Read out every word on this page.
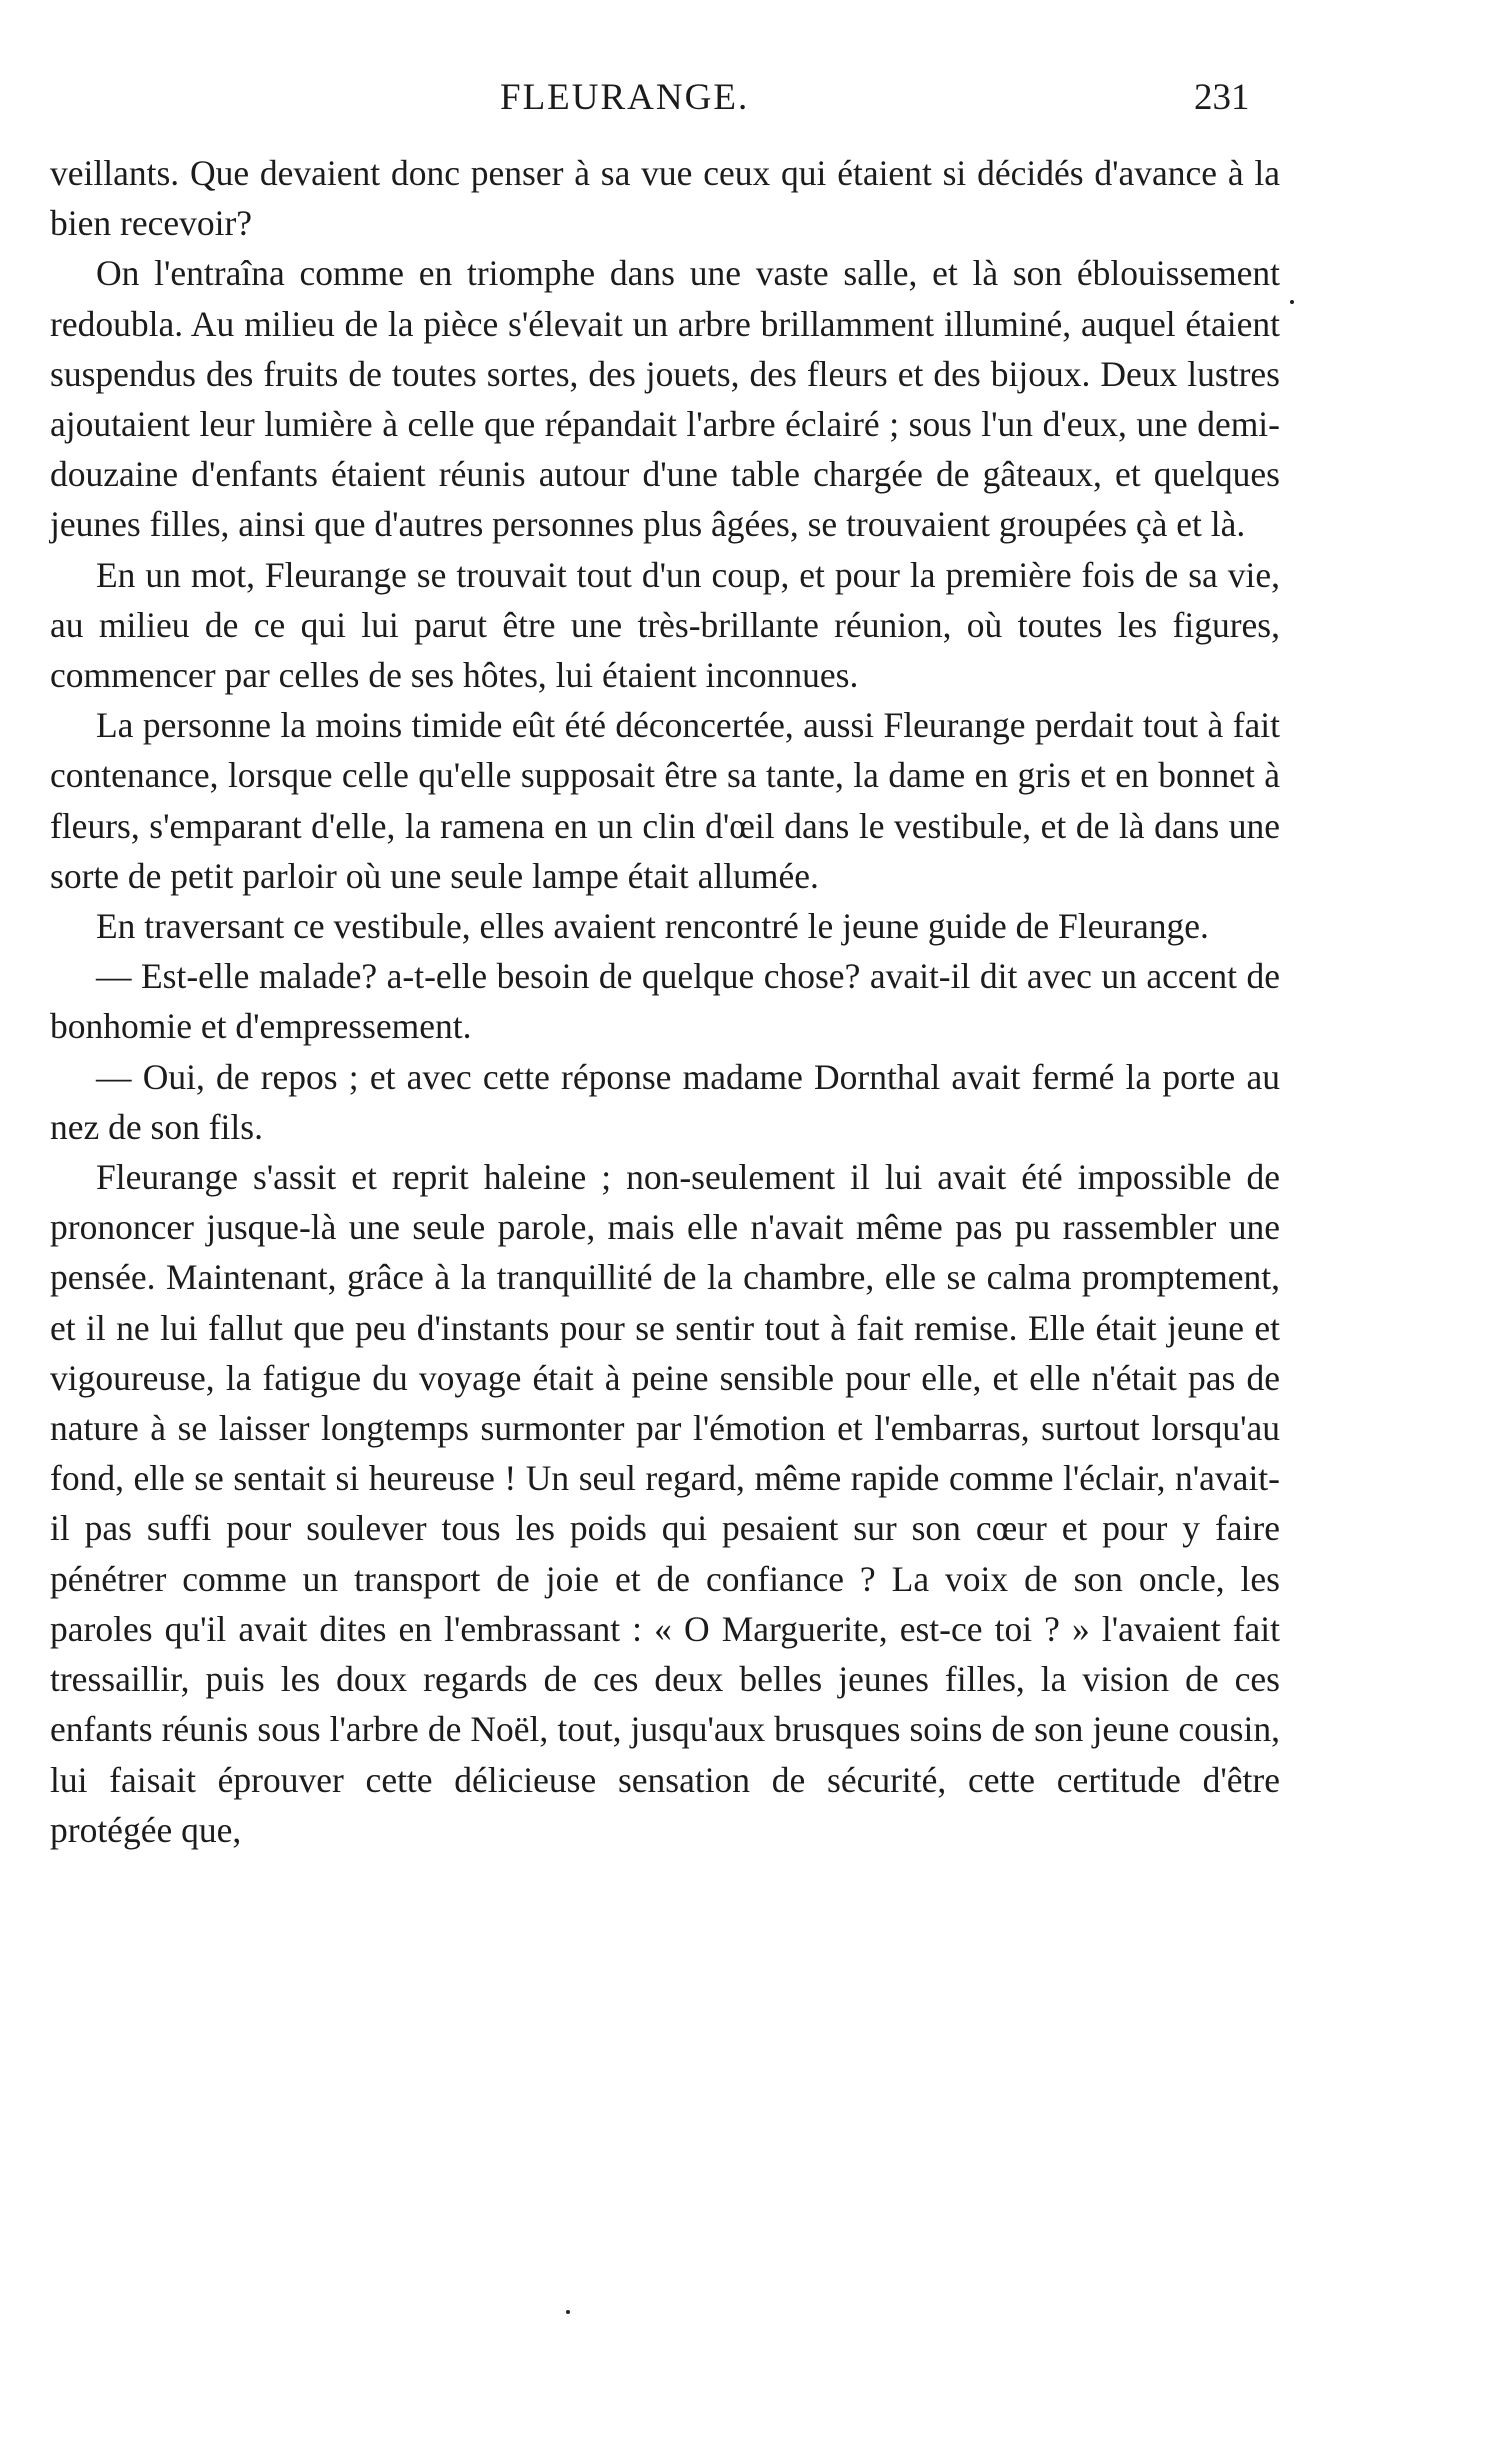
FLEURANGE.	231

veillants. Que devaient donc penser à sa vue ceux qui étaient si décidés d'avance à la bien recevoir?

On l'entraîna comme en triomphe dans une vaste salle, et là son éblouissement redoubla. Au milieu de la pièce s'élevait un arbre brillamment illuminé, auquel étaient suspendus des fruits de toutes sortes, des jouets, des fleurs et des bijoux. Deux lustres ajoutaient leur lumière à celle que répandait l'arbre éclairé ; sous l'un d'eux, une demi-douzaine d'enfants étaient réunis autour d'une table chargée de gâteaux, et quelques jeunes filles, ainsi que d'autres personnes plus âgées, se trouvaient groupées çà et là.

En un mot, Fleurange se trouvait tout d'un coup, et pour la première fois de sa vie, au milieu de ce qui lui parut être une très-brillante réunion, où toutes les figures, commencer par celles de ses hôtes, lui étaient inconnues.

La personne la moins timide eût été déconcertée, aussi Fleurange perdait tout à fait contenance, lorsque celle qu'elle supposait être sa tante, la dame en gris et en bonnet à fleurs, s'emparant d'elle, la ramena en un clin d'œil dans le vestibule, et de là dans une sorte de petit parloir où une seule lampe était allumée.

En traversant ce vestibule, elles avaient rencontré le jeune guide de Fleurange.

— Est-elle malade? a-t-elle besoin de quelque chose? avait-il dit avec un accent de bonhomie et d'empressement.

— Oui, de repos ; et avec cette réponse madame Dornthal avait fermé la porte au nez de son fils.

Fleurange s'assit et reprit haleine ; non-seulement il lui avait été impossible de prononcer jusque-là une seule parole, mais elle n'avait même pas pu rassembler une pensée. Maintenant, grâce à la tranquillité de la chambre, elle se calma promptement, et il ne lui fallut que peu d'instants pour se sentir tout à fait remise. Elle était jeune et vigoureuse, la fatigue du voyage était à peine sensible pour elle, et elle n'était pas de nature à se laisser longtemps surmonter par l'émotion et l'embarras, surtout lorsqu'au fond, elle se sentait si heureuse ! Un seul regard, même rapide comme l'éclair, n'avait-il pas suffi pour soulever tous les poids qui pesaient sur son cœur et pour y faire pénétrer comme un transport de joie et de confiance ? La voix de son oncle, les paroles qu'il avait dites en l'embrassant : « O Marguerite, est-ce toi ? » l'avaient fait tressaillir, puis les doux regards de ces deux belles jeunes filles, la vision de ces enfants réunis sous l'arbre de Noël, tout, jusqu'aux brusques soins de son jeune cousin, lui faisait éprouver cette délicieuse sensation de sécurité, cette certitude d'être protégée que,
